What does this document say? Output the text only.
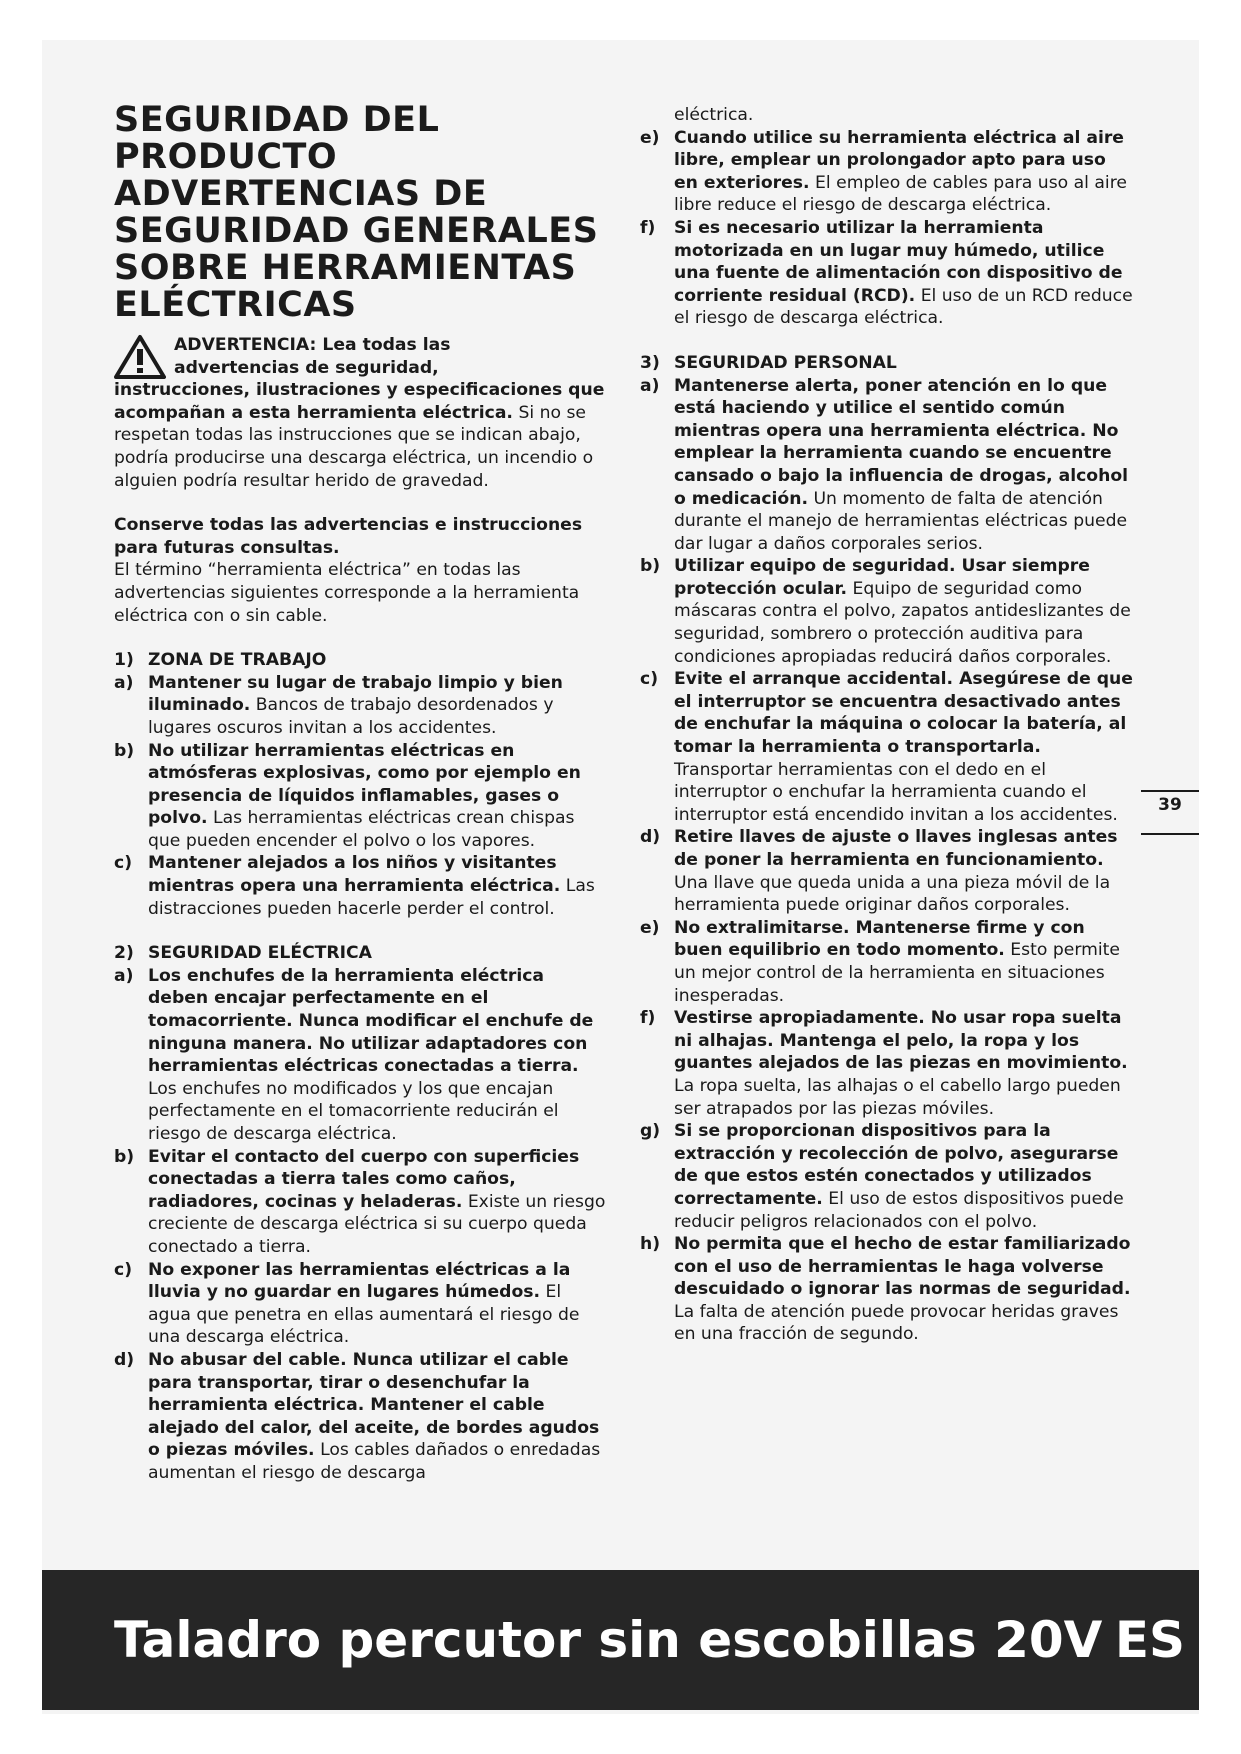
SEGURIDAD DEL PRODUCTO
ADVERTENCIAS DE
SEGURIDAD GENERALES
SOBRE HERRAMIENTAS
ELÉCTRICAS
ADVERTENCIA: Lea todas las
advertencias de seguridad,
instrucciones, ilustraciones y especificaciones que acompañan a esta herramienta eléctrica. Si no se respetan todas las instrucciones que se indican abajo, podría producirse una descarga eléctrica, un incendio o alguien podría resultar herido de gravedad.
Conserve todas las advertencias e instrucciones para futuras consultas.
El término “herramienta eléctrica” en todas las advertencias siguientes corresponde a la herramienta eléctrica con o sin cable.
1) ZONA DE TRABAJO
a) Mantener su lugar de trabajo limpio y bien iluminado. Bancos de trabajo desordenados y lugares oscuros invitan a los accidentes.
b) No utilizar herramientas eléctricas en atmósferas explosivas, como por ejemplo en presencia de líquidos inflamables, gases o polvo. Las herramientas eléctricas crean chispas que pueden encender el polvo o los vapores.
c) Mantener alejados a los niños y visitantes mientras opera una herramienta eléctrica. Las distracciones pueden hacerle perder el control.
2) SEGURIDAD ELÉCTRICA
a) Los enchufes de la herramienta eléctrica deben encajar perfectamente en el tomacorriente. Nunca modificar el enchufe de ninguna manera. No utilizar adaptadores con herramientas eléctricas conectadas a tierra. Los enchufes no modificados y los que encajan perfectamente en el tomacorriente reducirán el riesgo de descarga eléctrica.
b) Evitar el contacto del cuerpo con superficies conectadas a tierra tales como caños, radiadores, cocinas y heladeras. Existe un riesgo creciente de descarga eléctrica si su cuerpo queda conectado a tierra.
c) No exponer las herramientas eléctricas a la lluvia y no guardar en lugares húmedos. El agua que penetra en ellas aumentará el riesgo de una descarga eléctrica.
d) No abusar del cable. Nunca utilizar el cable para transportar, tirar o desenchufar la herramienta eléctrica. Mantener el cable alejado del calor, del aceite, de bordes agudos o piezas móviles. Los cables dañados o enredadas aumentan el riesgo de descarga
eléctrica.
e) Cuando utilice su herramienta eléctrica al aire libre, emplear un prolongador apto para uso en exteriores. El empleo de cables para uso al aire libre reduce el riesgo de descarga eléctrica.
f) Si es necesario utilizar la herramienta motorizada en un lugar muy húmedo, utilice una fuente de alimentación con dispositivo de corriente residual (RCD). El uso de un RCD reduce el riesgo de descarga eléctrica.
3) SEGURIDAD PERSONAL
a) Mantenerse alerta, poner atención en lo que está haciendo y utilice el sentido común mientras opera una herramienta eléctrica. No emplear la herramienta cuando se encuentre cansado o bajo la influencia de drogas, alcohol o medicación. Un momento de falta de atención durante el manejo de herramientas eléctricas puede dar lugar a daños corporales serios.
b) Utilizar equipo de seguridad. Usar siempre protección ocular. Equipo de seguridad como máscaras contra el polvo, zapatos antideslizantes de seguridad, sombrero o protección auditiva para condiciones apropiadas reducirá daños corporales.
c) Evite el arranque accidental. Asegúrese de que el interruptor se encuentra desactivado antes de enchufar la máquina o colocar la batería, al tomar la herramienta o transportarla. Transportar herramientas con el dedo en el interruptor o enchufar la herramienta cuando el interruptor está encendido invitan a los accidentes.
d) Retire llaves de ajuste o llaves inglesas antes de poner la herramienta en funcionamiento. Una llave que queda unida a una pieza móvil de la herramienta puede originar daños corporales.
e) No extralimitarse. Mantenerse firme y con buen equilibrio en todo momento. Esto permite un mejor control de la herramienta en situaciones inesperadas.
f) Vestirse apropiadamente. No usar ropa suelta ni alhajas. Mantenga el pelo, la ropa y los guantes alejados de las piezas en movimiento. La ropa suelta, las alhajas o el cabello largo pueden ser atrapados por las piezas móviles.
g) Si se proporcionan dispositivos para la extracción y recolección de polvo, asegurarse de que estos estén conectados y utilizados correctamente. El uso de estos dispositivos puede reducir peligros relacionados con el polvo.
h) No permita que el hecho de estar familiarizado con el uso de herramientas le haga volverse descuidado o ignorar las normas de seguridad. La falta de atención puede provocar heridas graves en una fracción de segundo.
39
Taladro percutor sin escobillas 20V ES
